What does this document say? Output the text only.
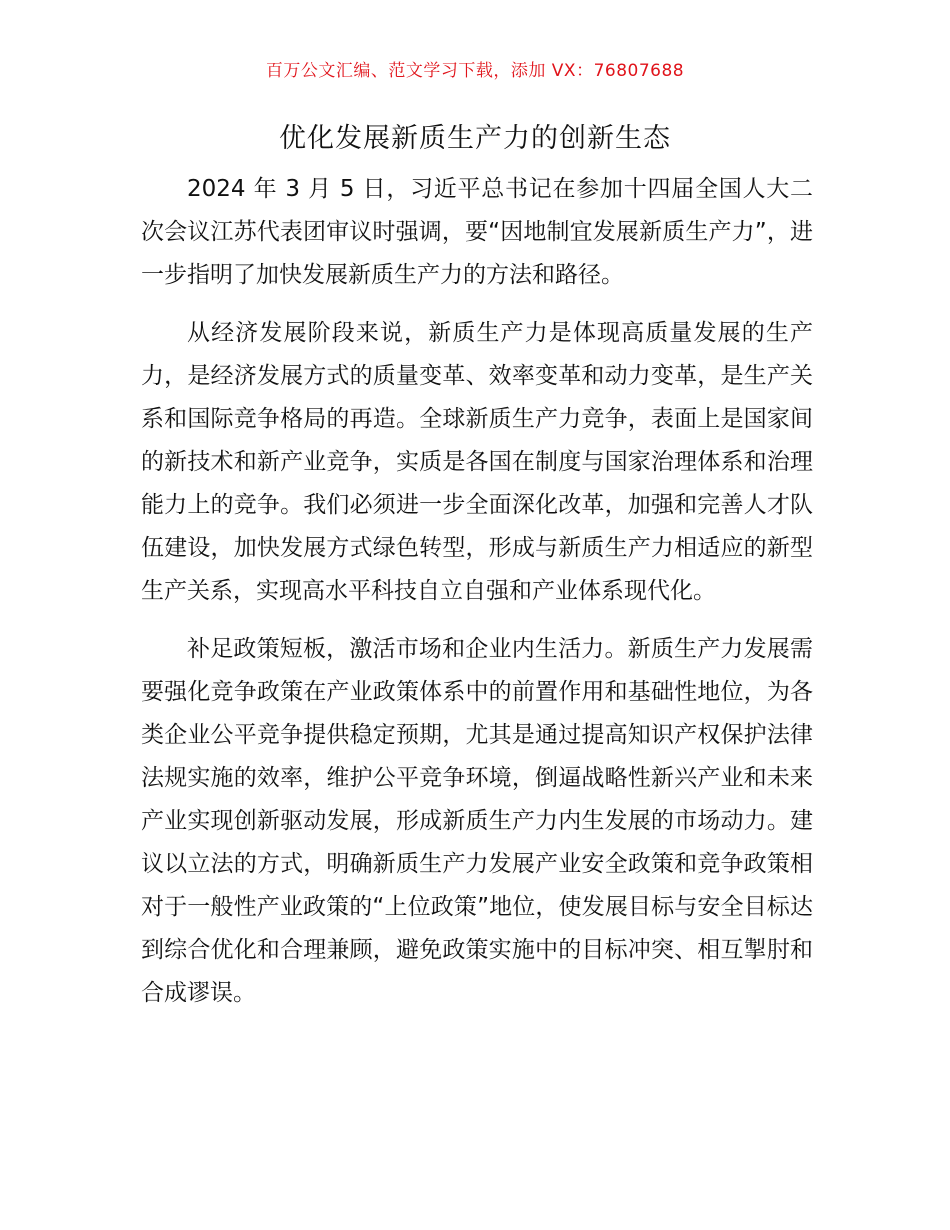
百万公文汇编、范文学习下载，添加 VX：76807688
优化发展新质生产力的创新生态

2024 年 3 月 5 日，习近平总书记在参加十四届全国人大二次会议江苏代表团审议时强调，要“因地制宜发展新质生产力”，进一步指明了加快发展新质生产力的方法和路径。

从经济发展阶段来说，新质生产力是体现高质量发展的生产力，是经济发展方式的质量变革、效率变革和动力变革，是生产关系和国际竞争格局的再造。全球新质生产力竞争，表面上是国家间的新技术和新产业竞争，实质是各国在制度与国家治理体系和治理能力上的竞争。我们必须进一步全面深化改革，加强和完善人才队伍建设，加快发展方式绿色转型，形成与新质生产力相适应的新型生产关系，实现高水平科技自立自强和产业体系现代化。

补足政策短板，激活市场和企业内生活力。新质生产力发展需要强化竞争政策在产业政策体系中的前置作用和基础性地位，为各类企业公平竞争提供稳定预期，尤其是通过提高知识产权保护法律法规实施的效率，维护公平竞争环境，倒逼战略性新兴产业和未来产业实现创新驱动发展，形成新质生产力内生发展的市场动力。建议以立法的方式，明确新质生产力发展产业安全政策和竞争政策相对于一般性产业政策的“上位政策”地位，使发展目标与安全目标达到综合优化和合理兼顾，避免政策实施中的目标冲突、相互掣肘和合成谬误。
